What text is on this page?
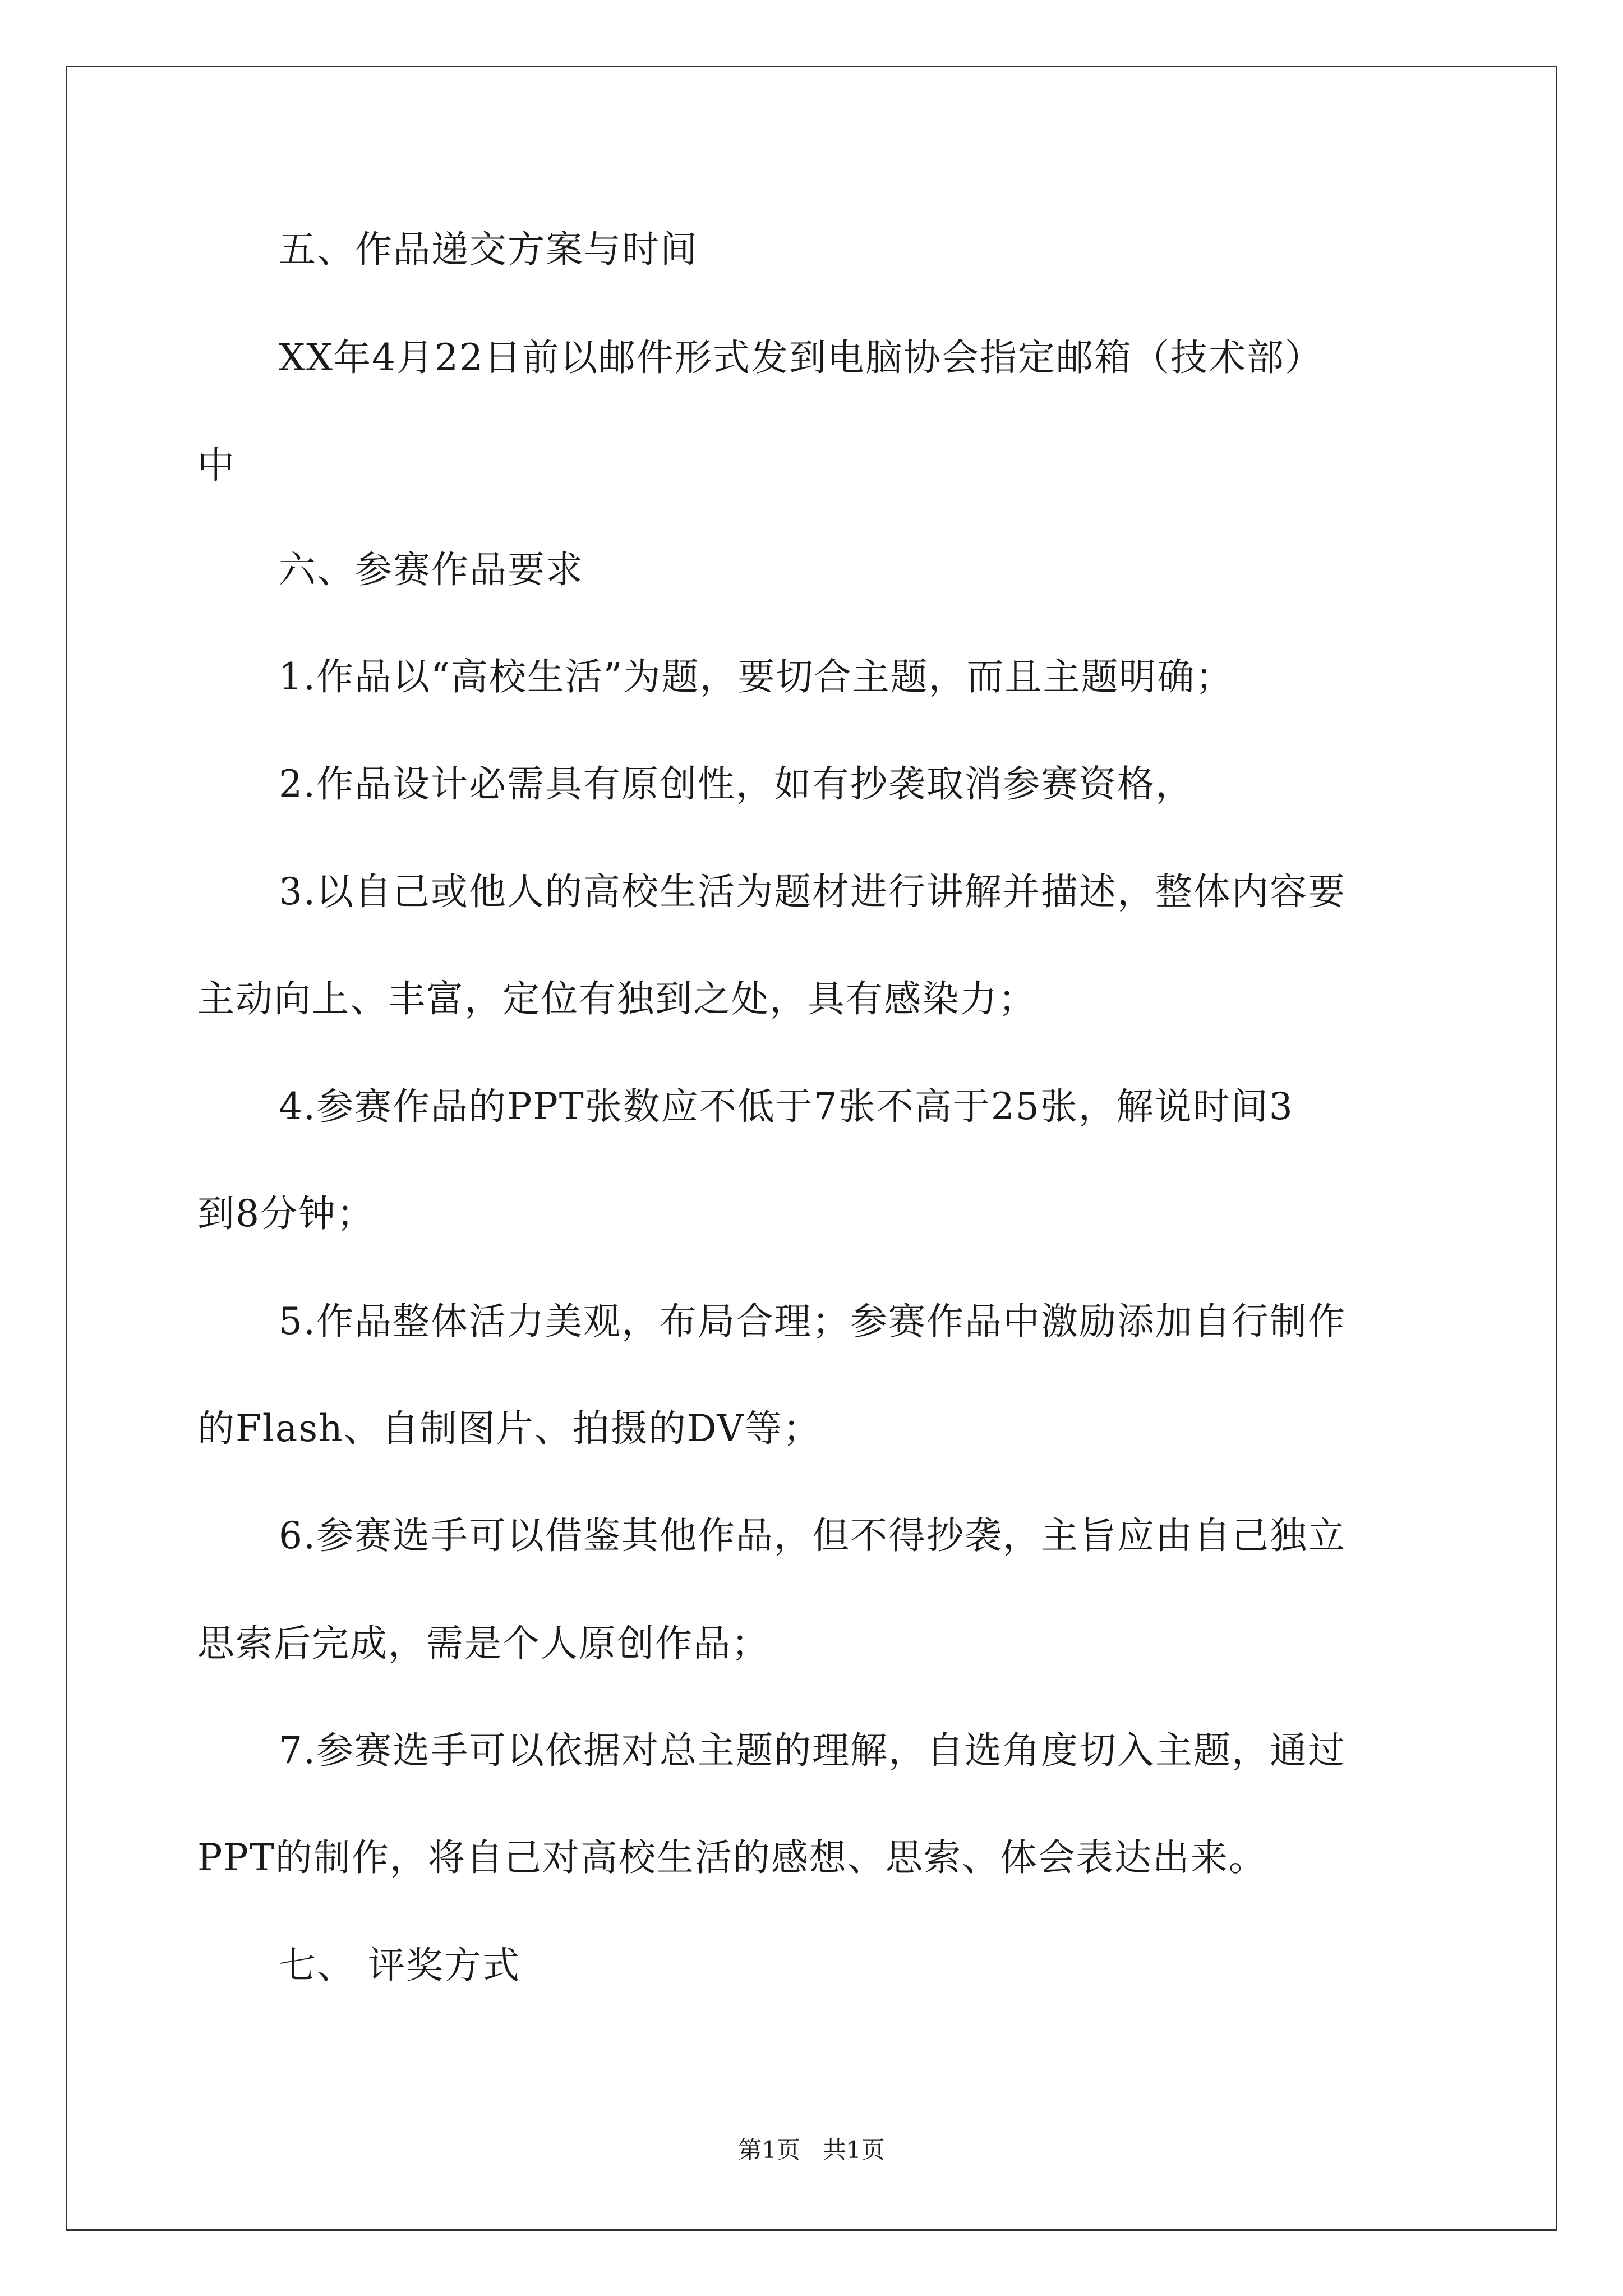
五、作品递交方案与时间
XX年4月22日前以邮件形式发到电脑协会指定邮箱（技术部）
中
六、参赛作品要求
1.作品以“高校生活”为题，要切合主题，而且主题明确；
2.作品设计必需具有原创性，如有抄袭取消参赛资格，
3.以自己或他人的高校生活为题材进行讲解并描述，整体内容要
主动向上、丰富，定位有独到之处，具有感染力；
4.参赛作品的PPT张数应不低于7张不高于25张，解说时间3
到8分钟；
5.作品整体活力美观，布局合理；参赛作品中激励添加自行制作
的Flash、自制图片、拍摄的DV等；
6.参赛选手可以借鉴其他作品，但不得抄袭，主旨应由自己独立
思索后完成，需是个人原创作品；
7.参赛选手可以依据对总主题的理解，自选角度切入主题，通过
PPT的制作，将自己对高校生活的感想、思索、体会表达出来。
七、 评奖方式
第1页   共1页
